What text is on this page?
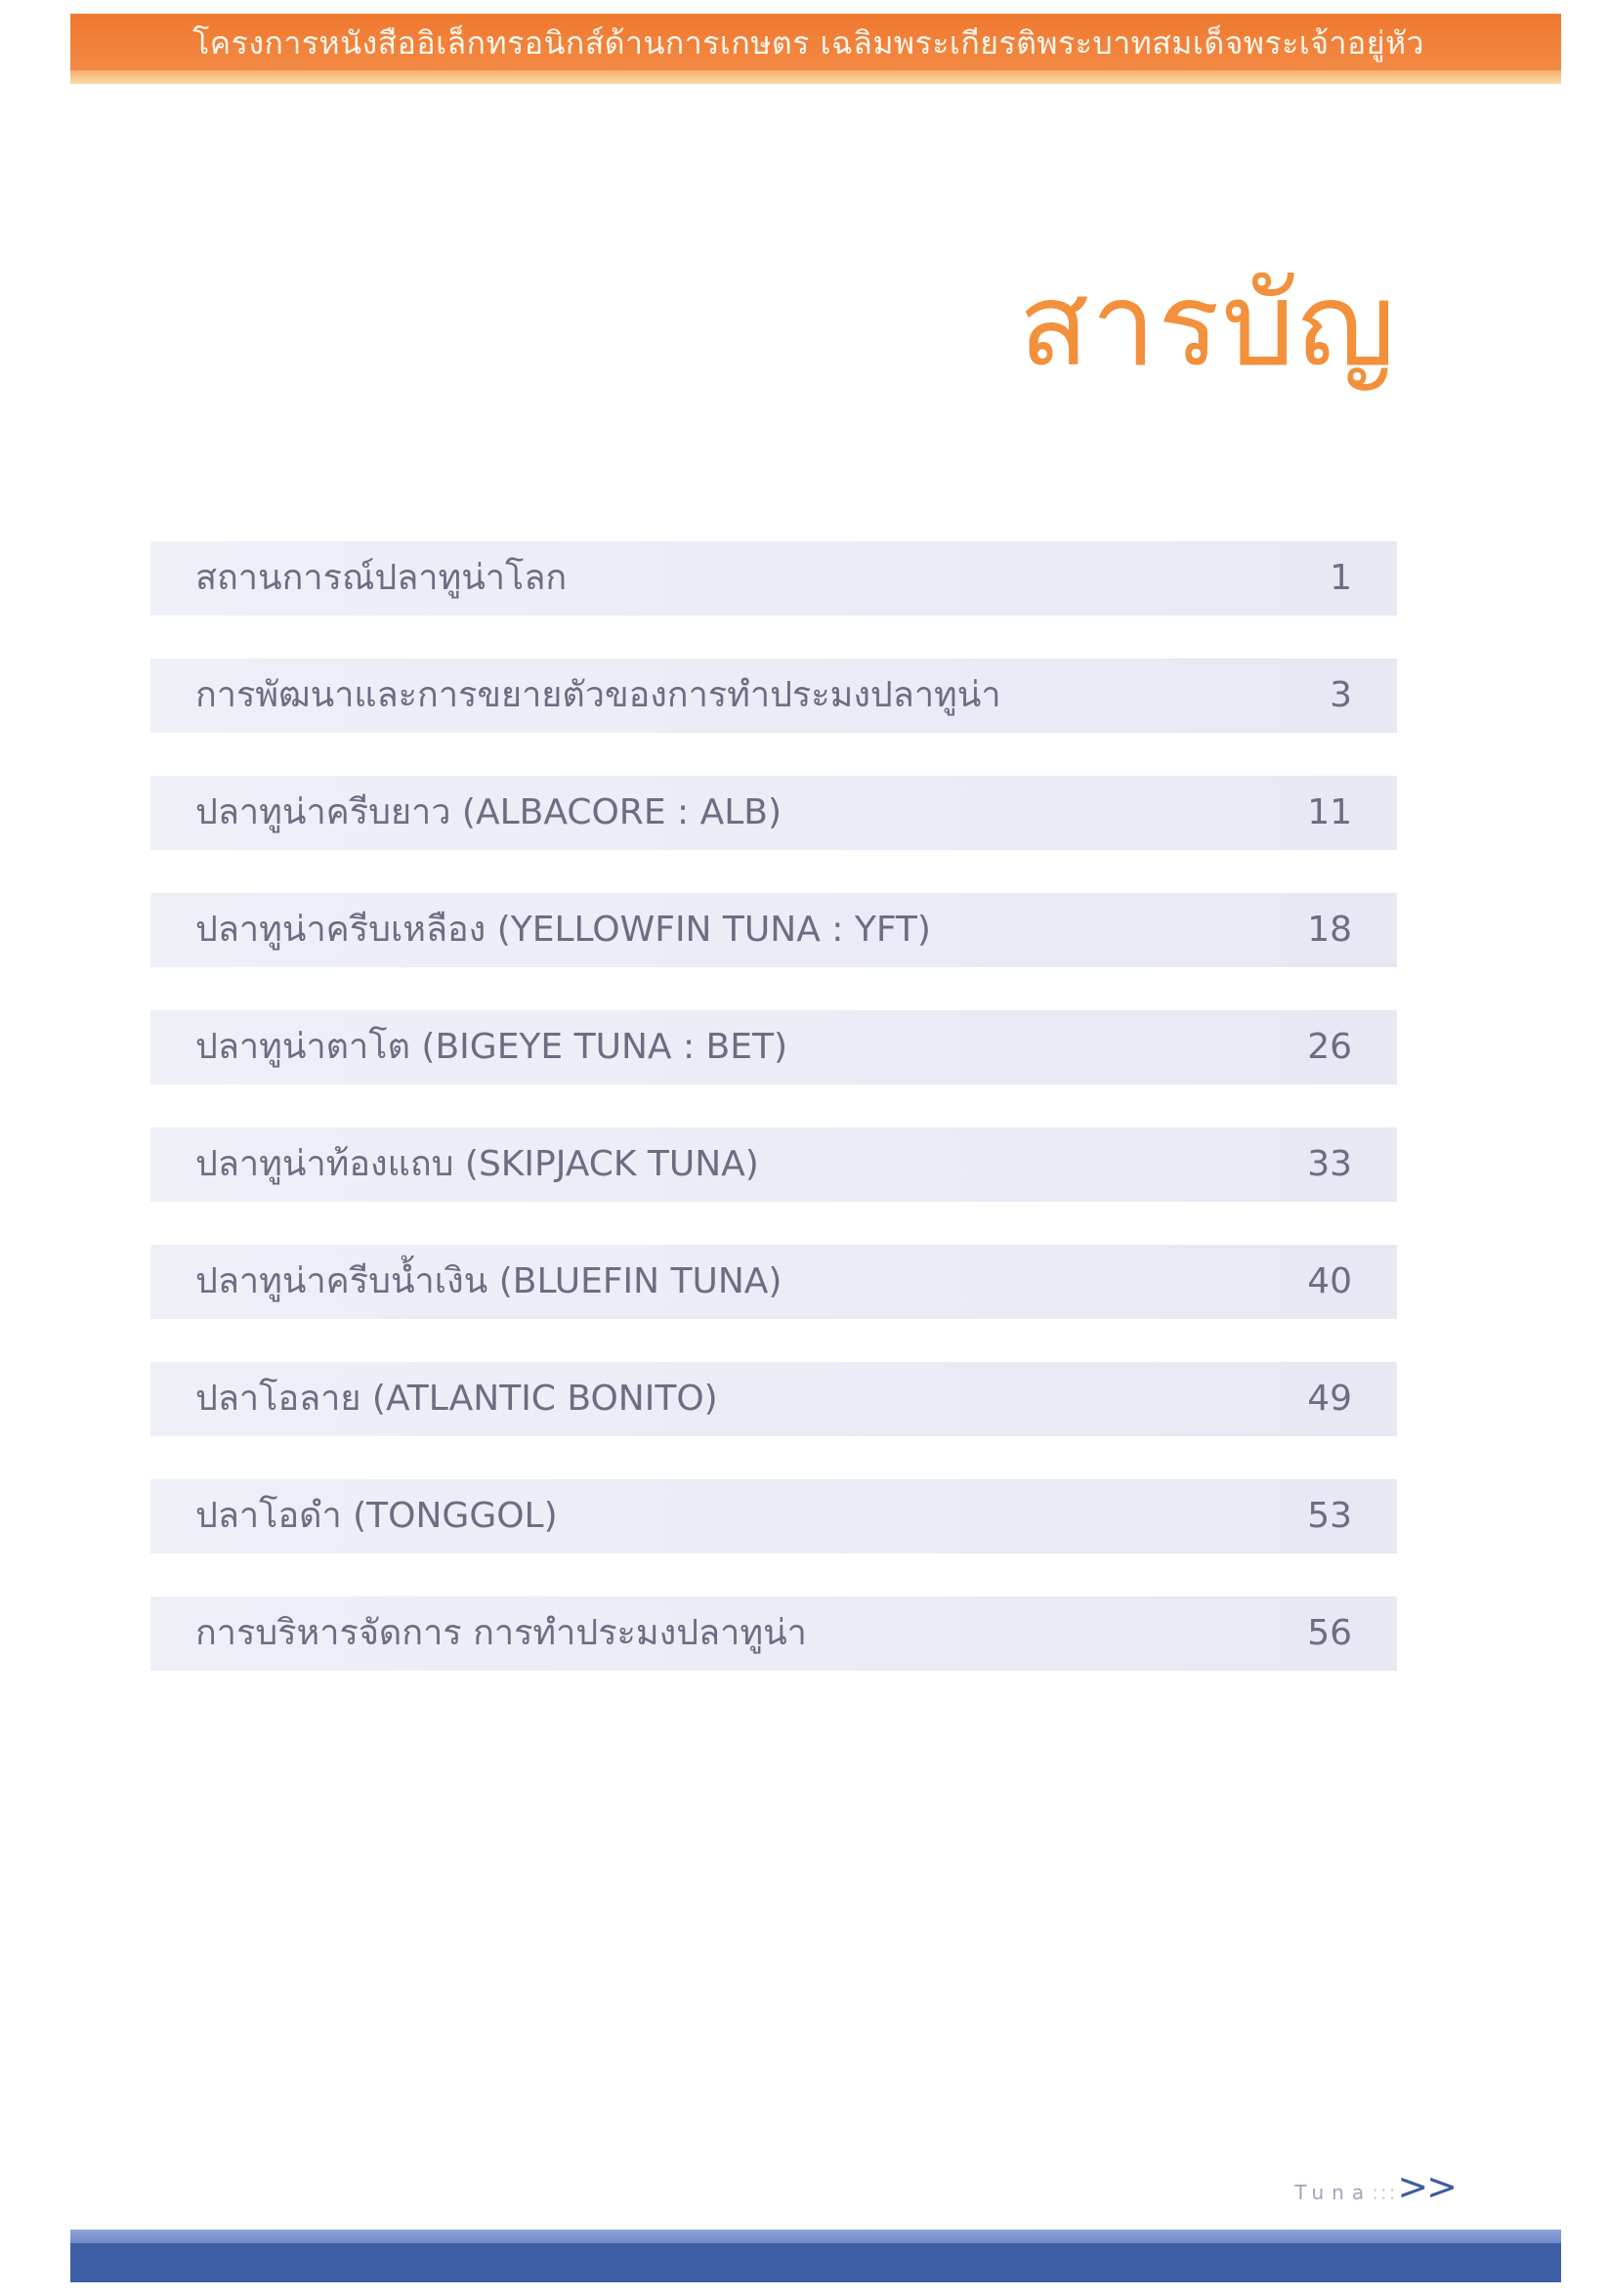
โครงการหนังสืออิเล็กทรอนิกส์ด้านการเกษตร เฉลิมพระเกียรติพระบาทสมเด็จพระเจ้าอยู่หัว
สารบัญ
สถานการณ์ปลาทูน่าโลก	1
การพัฒนาและการขยายตัวของการทำประมงปลาทูน่า	3
ปลาทูน่าครีบยาว (ALBACORE : ALB)	11
ปลาทูน่าครีบเหลือง (YELLOWFIN TUNA : YFT)	18
ปลาทูน่าตาโต (BIGEYE TUNA : BET)	26
ปลาทูน่าท้องแถบ (SKIPJACK TUNA)	33
ปลาทูน่าครีบน้ำเงิน (BLUEFIN TUNA)	40
ปลาโอลาย (ATLANTIC BONITO)	49
ปลาโอดำ (TONGGOL)	53
การบริหารจัดการ การทำประมงปลาทูน่า	56
Tuna:::>>
